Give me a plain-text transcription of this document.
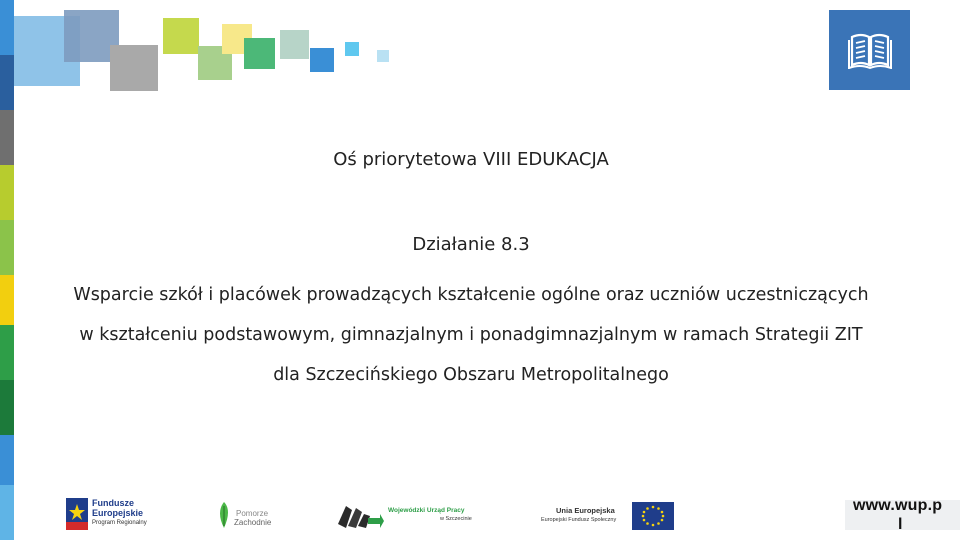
Oś priorytetowa VIII EDUKACJA
Działanie 8.3
Wsparcie szkół i placówek prowadzących kształcenie ogólne oraz uczniów uczestniczących
w kształceniu podstawowym, gimnazjalnym i ponadgimnazjalnym w ramach Strategii ZIT
dla Szczecińskiego Obszaru Metropolitalnego
Fundusze
Europejskie
Program Regionalny
Pomorze
Zachodnie
Wojewódzki Urząd Pracy
w Szczecinie
Unia Europejska
Europejski Fundusz Społeczny
www.wup.p
l
